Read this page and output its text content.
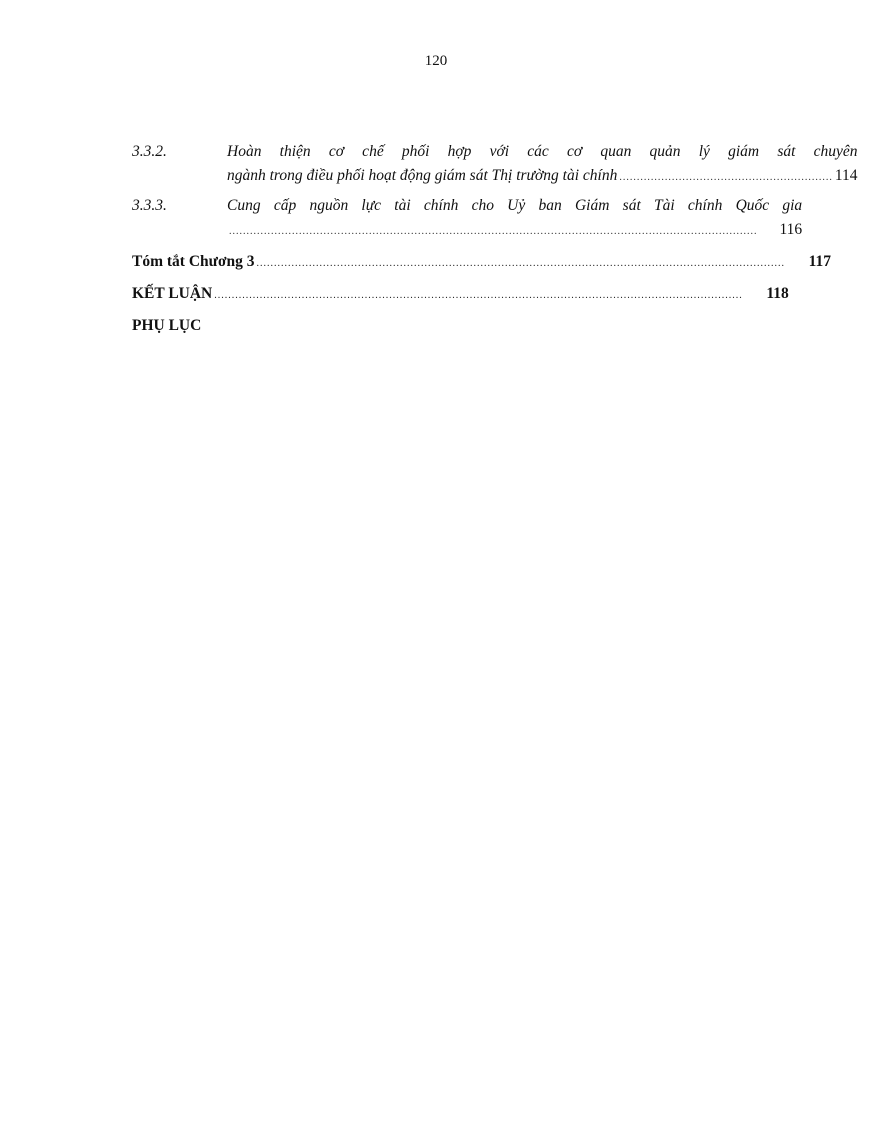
120
3.3.2.	Hoàn thiện cơ chế phối hợp với các cơ quan quản lý giám sát chuyên
ngành trong điều phối hoạt động giám sát Thị trường tài chính ............................................................. 114
3.3.3.	Cung cấp nguồn lực tài chính cho Uỷ ban Giám sát Tài chính Quốc gia
.......................................................................................................................................................	116
Tóm tắt Chương 3 .......................................................................................................................................................	117
KẾT LUẬN .......................................................................................................................................................	118
PHỤ LỤC
